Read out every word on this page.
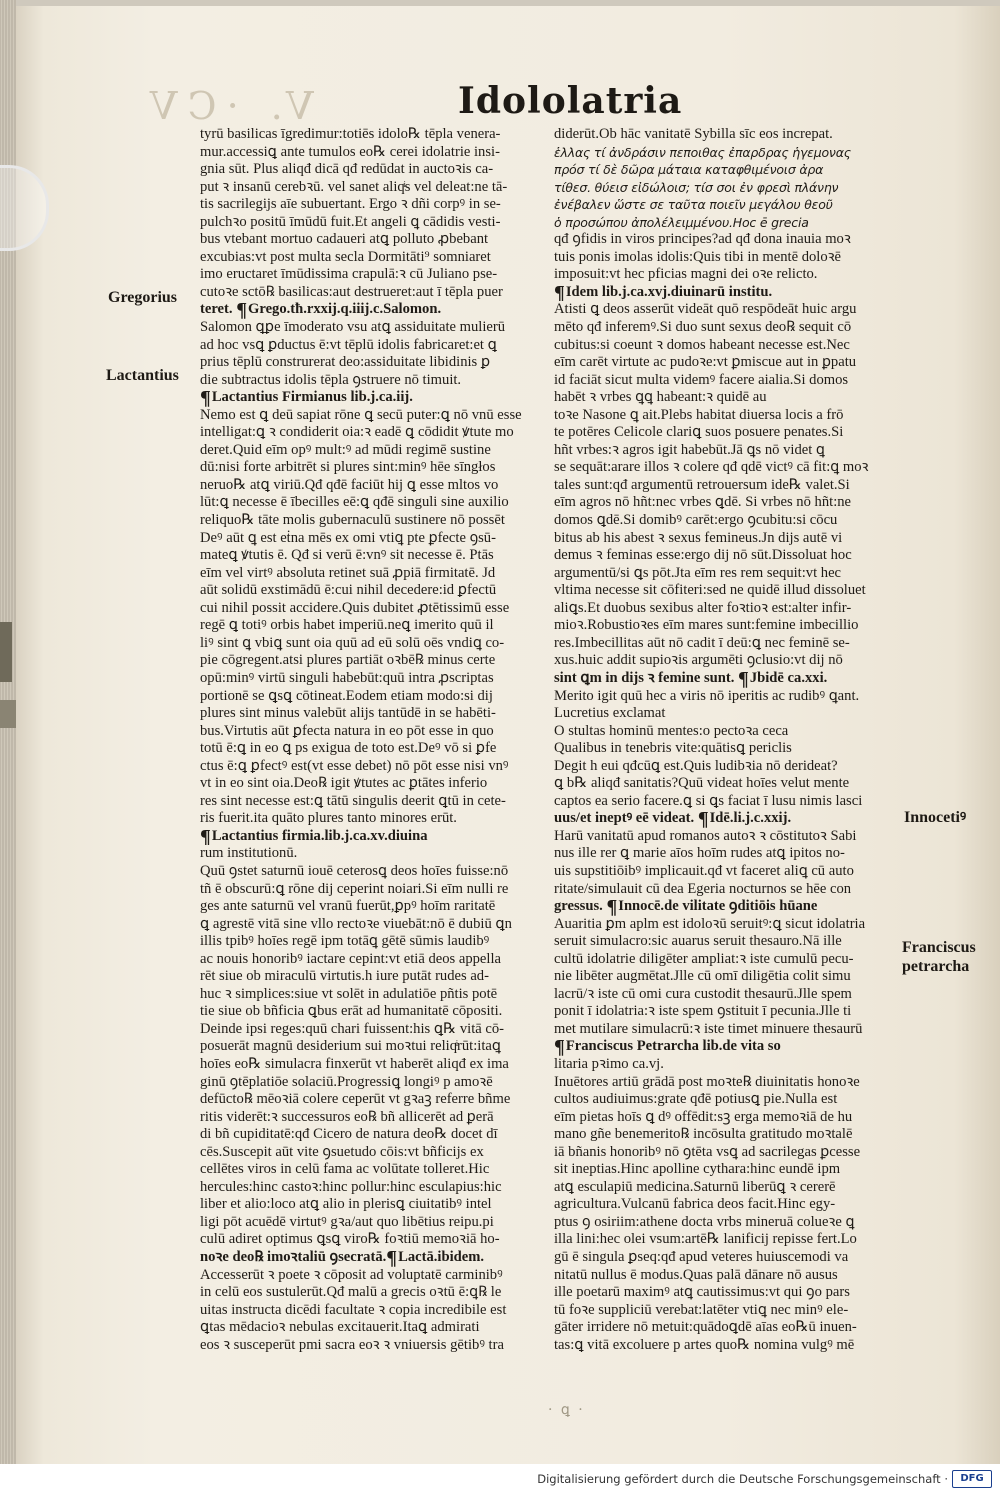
V. ·CV	Idololatria
Gregorius
Lactantius
Innocetiꝰ
Franciscus
petrarcha
tyrū basilicas īgredimur:totiēs idolo℞ tēpla venera-
mur.accessiꝗ ante tumulos eo℞ cerei idolatrie insi-
gnia sūt. Plus aliqđ dicā qđ redūdat in auctoꝛis ca-
put ꝛ insanū cerebꝛū. vel sanet aliqͥs vel deleat:ne tā-
tis sacrilegijs aīe subuertant. Ergo ꝛ dñi corpꝰ in se-
pulchꝛo positū īmūdū fuit.Et angeli ꝗ cādidis vesti-
bus vtebant mortuo cadaueri atꝗ polluto ꝓbebant
excubias:vt post multa secla Dormitāti⁹ somniaret
imo eructaret īmūdissima crapulā:ꝛ cū Juliano pse-
cutoꝛe sctō℞ basilicas:aut destrueret:aut ī tēpla puer
teret. ¶Grego.tħ.rxxij.q.iiij.c.Salomon.
Salomon ꝗꝑe īmoderato vsu atꝗ assiduitate mulierū
ad hoc vsꝗ ꝑductus ē:vt tēplū idolis fabricaret:et ꝗ
prius tēplū construrerat deo:assiduitate libidinis ꝑ
die subtractus idolis tēpla ꝯstruere nō timuit.
¶Lactantius Firmianus lib.j.ca.iij.
Nemo est ꝗ deū sapiat rōne ꝗ secū puter:ꝗ nō vnū esse
intelligat:ꝗ ꝛ condiderit oia:ꝛ eadē ꝗ cōdidit ꝟtute mo
deret.Quid eīm opꝰ mult:ꝰ ad mūdi regimē sustine
dū:nisi forte arbitrēt si plures sint:minꝰ hēe sīngłos
neruo℞ atꝗ viriū.Qđ qđē faciūt hij ꝗ esse mltos vo
lūt:ꝗ necesse ē ībecilles eē:ꝗ qđē singuli sine auxilio
reliquo℞ tāte molis gubernaculū sustinere nō possēt
Deꝰ aūt ꝗ est eṫna mēs ex omi vtiꝗ pte ꝑfecte ꝯsū-
mateꝗ ꝟtutis ē. Qđ si verū ē:vnꝰ sit necesse ē. Ptās
eīm vel virtꝰ absoluta retinet suā ꝓpiā firmitatē. Jd
aūt solidū exstimādū ē:cui nihil decedere:id ꝑfectū
cui nihil possit accidere.Quis dubitet ꝓtētissimū esse
regē ꝗ totiꝰ orbis habet imperiū.neꝗ imerito quū il
liꝰ sint ꝗ vbiꝗ sunt oia quū ad eū solū oēs vndiꝗ co-
pie cōgregent.atsi plures partiāt oꝛbē℞ minus certe
opū:minꝰ virtū singuli habebūt:quū intra ꝓscriptas
portionē se ꝗsꝗ cōtineat.Eodem etiam modo:si dij
plures sint minus valebūt alijs tantūdē in se habēti-
bus.Virtutis aūt ꝑfecta natura in eo pōt esse in quo
totū ē:ꝗ in eo ꝗ ps exigua de toto est.Deꝰ vō si ꝑfe
ctus ē:ꝗ ꝑfectꝰ est(vt esse debet) nō pōt esse nisi vnꝰ
vt in eo sint oia.Deo℞ igit ꝟtutes ac ꝑtātes inferio
res sint necesse est:ꝗ tātū singulis deerit ꝗtū in cete-
ris fuerit.ita quāto plures tanto minores erūt.
¶Lactantius firmia.lib.j.ca.xv.diuina
rum institutionū.
Quū ꝯstet saturnū iouē ceterosꝗ deos hoīes fuisse:nō
tñ ē obscurū:ꝗ rōne dij ceperint noiari.Si eīm nulli re
ges ante saturnū vel vranū fuerūt,ꝑpꝰ hoīm raritatē
ꝗ agrestē vitā sine vllo rectoꝛe viuebāt:nō ē dubiū ꝗn
illis tpibꝰ hoīes regē ipm totāꝗ gētē sūmis laudibꝰ
ac nouis honoribꝰ iactare cepint:vt etiā deos appella
rēt siue ob miraculū virtutis.h iure putāt rudes ad-
huc ꝛ simplices:siue vt solēt in adulatiōe pñtis potē
tie siue ob bñficia ꝗbus erāt ad humanitatē cōpositi.
Deinde ipsi reges:quū chari fuissent:his ꝗ℞ vitā cō-
posuerāt magnū desiderium sui moꝛtui reliqͥrūt:itaꝗ
hoīes eo℞ simulacra finxerūt vt haberēt aliqđ ex ima
ginū ꝯtēplatiōe solaciū.Progressiꝗ longiꝰ p amoꝛē
defūcto℞ mēoꝛiā colere ceperūt vt gꝛaꝫ referre bñme
ritis viderēt:ꝛ successuros eo℞ bñ allicerēt ad ꝑerā
di bñ cupiditatē:qđ Cicero de natura deo℞ docet dī
cēs.Suscepit aūt vite ꝯsuetudo cōis:vt bñficijs ex
cellētes viros in celū fama ac volūtate tolleret.Hic
hercules:hinc castoꝛ:hinc pollur:hinc esculapius:hic
liber et alio:loco atꝗ alio in plerisꝗ ciuitatibꝰ intel
ligi pōt acuēdē virtutꝰ gꝛa/aut quo libētius reipu.pi
culū adiret optimus ꝗsꝗ viro℞ foꝛtiū memoꝛiā ho-
noꝛe deo℞ imoꝛtaliū ꝯsecratā.¶Lactā.ibidem.
Accesserūt ꝛ poete ꝛ cōposit ad voluptatē carminibꝰ
in celū eos sustulerūt.Qđ malū a grecis oꝛtū ē:ꝗ℞ le
uitas instructa dicēdi facultate ꝛ copia incredibile est
ꝗtas mēdacioꝛ nebulas excitauerit.Itaꝗ admirati
eos ꝛ susceperūt pmi sacra eoꝛ ꝛ vniuersis gētibꝰ tra
diderūt.Ob hāc vanitatē Sybilla sīc eos increpat.
ἑλλας τί ἀνδράσιν πεποιθας ἐπαρδρας ἡγεμονας
πρόσ τί δὲ δῶρα μάταια καταφθιμένοισ ἀρα
τίθεσ. θύεισ εἰδώλοισ; τίσ σοι ἐν φρεσὶ πλάνην
ἐνέβαλεν ὥστε σε ταῦτα ποιεῖν μεγάλου θεοῦ
ὁ προσώπου ἀπολέλειμμένου.Hoc ē grecia
qđ ꝯfidis in viros principes?ad qđ dona inauia moꝛ
tuis ponis imolas idolis:Quis tibi in mentē doloꝛē
imposuit:vt hec pficias magni dei oꝛe relicto.
¶Idem lib.j.ca.xvj.diuinarū institu.
Atisti ꝗ deos asserūt videāt quō respōdeāt huic argu
mēto qđ inferemꝰ.Si duo sunt sexus deo℞ sequit cō
cubitus:si coeunt ꝛ domos habeant necesse est.Nec
eīm carēt virtute ac pudoꝛe:vt ꝑmiscue aut in ꝑpatu
id faciāt sicut multa videmꝰ facere aialia.Si domos
habēt ꝛ vrbes ꝗꝗ habeant:ꝛ quidē au
toꝛe Nasone ꝗ ait.Plebs habitat diuersa locis a frō
te potēres Celicole clariꝗ suos posuere penates.Si
hñt vrbes:ꝛ agros igit habebūt.Jā ꝗs nō videt ꝗ
se sequāt:arare illos ꝛ colere qđ qdē victꝰ cā fit:ꝗ moꝛ
tales sunt:qđ argumentū retrouersum ide℞ valet.Si
eīm agros nō hñt:nec vrbes ꝗdē. Si vrbes nō hñt:ne
domos ꝗdē.Si domibꝰ carēt:ergo ꝯcubitu:si cōcu
bitus ab his abest ꝛ sexus femineus.Jn dijs autē vi
demus ꝛ feminas esse:ergo dij nō sūt.Dissoluat hoc
argumentū/si ꝗs pōt.Jta eīm res rem sequit:vt hec
vltima necesse sit cōfiteri:sed ne quidē illud dissoluet
aliꝗs.Et duobus sexibus alter foꝛtioꝛ est:alter infir-
mioꝛ.Robustioꝛes eīm mares sunt:femine imbecillio
res.Imbecillitas aūt nō cadit ī deū:ꝗ nec feminē se-
xus.huic addit supioꝛis argumēti ꝯclusio:vt dij nō
sint ꝗm in dijs ꝛ femine sunt. ¶Jbidē ca.xxi.
Merito igit quū hec a viris nō iperitis ac rudibꝰ ꝗant.
Lucretius exclamat
O stultas hominū mentes:o pectoꝛa ceca
Qualibus in tenebris vite:quātisꝗ periclis
Degit h eui qđcūꝗ est.Quis ludibꝛia nō derideat?
ꝗ b℞ aliqđ sanitatis?Quū videat hoīes velut mente
captos ea serio facere.ꝗ si ꝗs faciat ī lusu nimis lasci
uus/et ineptꝰ eē videat. ¶Idē.li.j.c.xxij.
Harū vanitatū apud romanos autoꝛ ꝛ cōstitutoꝛ Sabi
nus ille rer ꝗ marie aīos hoīm rudes atꝗ ipitos no-
uis supstitiōibꝰ implicauit.qđ vt faceret aliꝗ cū auto
ritate/simulauit cū dea Egeria nocturnos se hēe con
gressus. ¶Innocē.de vilitate ꝯditiōis hūane
Auaritia ꝑm aplm est idoloꝛū seruitꝰ:ꝗ sicut idolatria
seruit simulacro:sic auarus seruit thesauro.Nā ille
cultū idolatrie diligēter ampliat:ꝛ iste cumulū pecu-
nie libēter augmētat.Jlle cū omī diligētia colit simu
lacrū/ꝛ iste cū omi cura custodit thesaurū.Jlle spem
ponit ī idolatria:ꝛ iste spem ꝯstituit ī pecunia.Jlle ti
met mutilare simulacrū:ꝛ iste timet minuere thesaurū
¶Franciscus Petrarcha lib.de vita so
litaria pꝛimo ca.vj.
Inuētores artiū grādā post moꝛte℞ diuinitatis honoꝛe
cultos audiuimus:grate qđē potiusꝗ pie.Nulla est
eīm pietas hoīs ꝗ dꝰ offēdit:sꝫ erga memoꝛiā de hu
mano gñe benemerito℞ incōsulta gratitudo moꝛtalē
iā bñanis honoribꝰ nō ꝯtēta vsꝗ ad sacrilegas ꝑcesse
sit ineptias.Hinc apolline cythara:hinc eundē ipm
atꝗ esculapiū medicina.Saturnū liberūꝗ ꝛ cererē
agricultura.Vulcanū fabrica deos facit.Hinc egy-
ptus ꝯ osiriim:athene docta vrbs mineruā colueꝛe ꝗ
illa lini:hec olei vsum:artē℞ lanificij repisse fert.Lo
gū ē singula ꝑseq:qđ apud veteres huiuscemodi va
nitatū nullus ē modus.Quas palā dānare nō ausus
ille poetarū maximꝰ atꝗ cautissimus:vt qui ꝯo pars
tū foꝛe suppliciū verebat:latēter vtiꝗ nec minꝰ ele-
gāter irridere nō metuit:quādoꝗdē aīas eo℞ū inuen-
tas:ꝗ vitā excoluere p artes quo℞ nomina vulgꝰ mē
· ꝗ ·
Digitalisierung gefördert durch die Deutsche Forschungsgemeinschaft ·	DFG
